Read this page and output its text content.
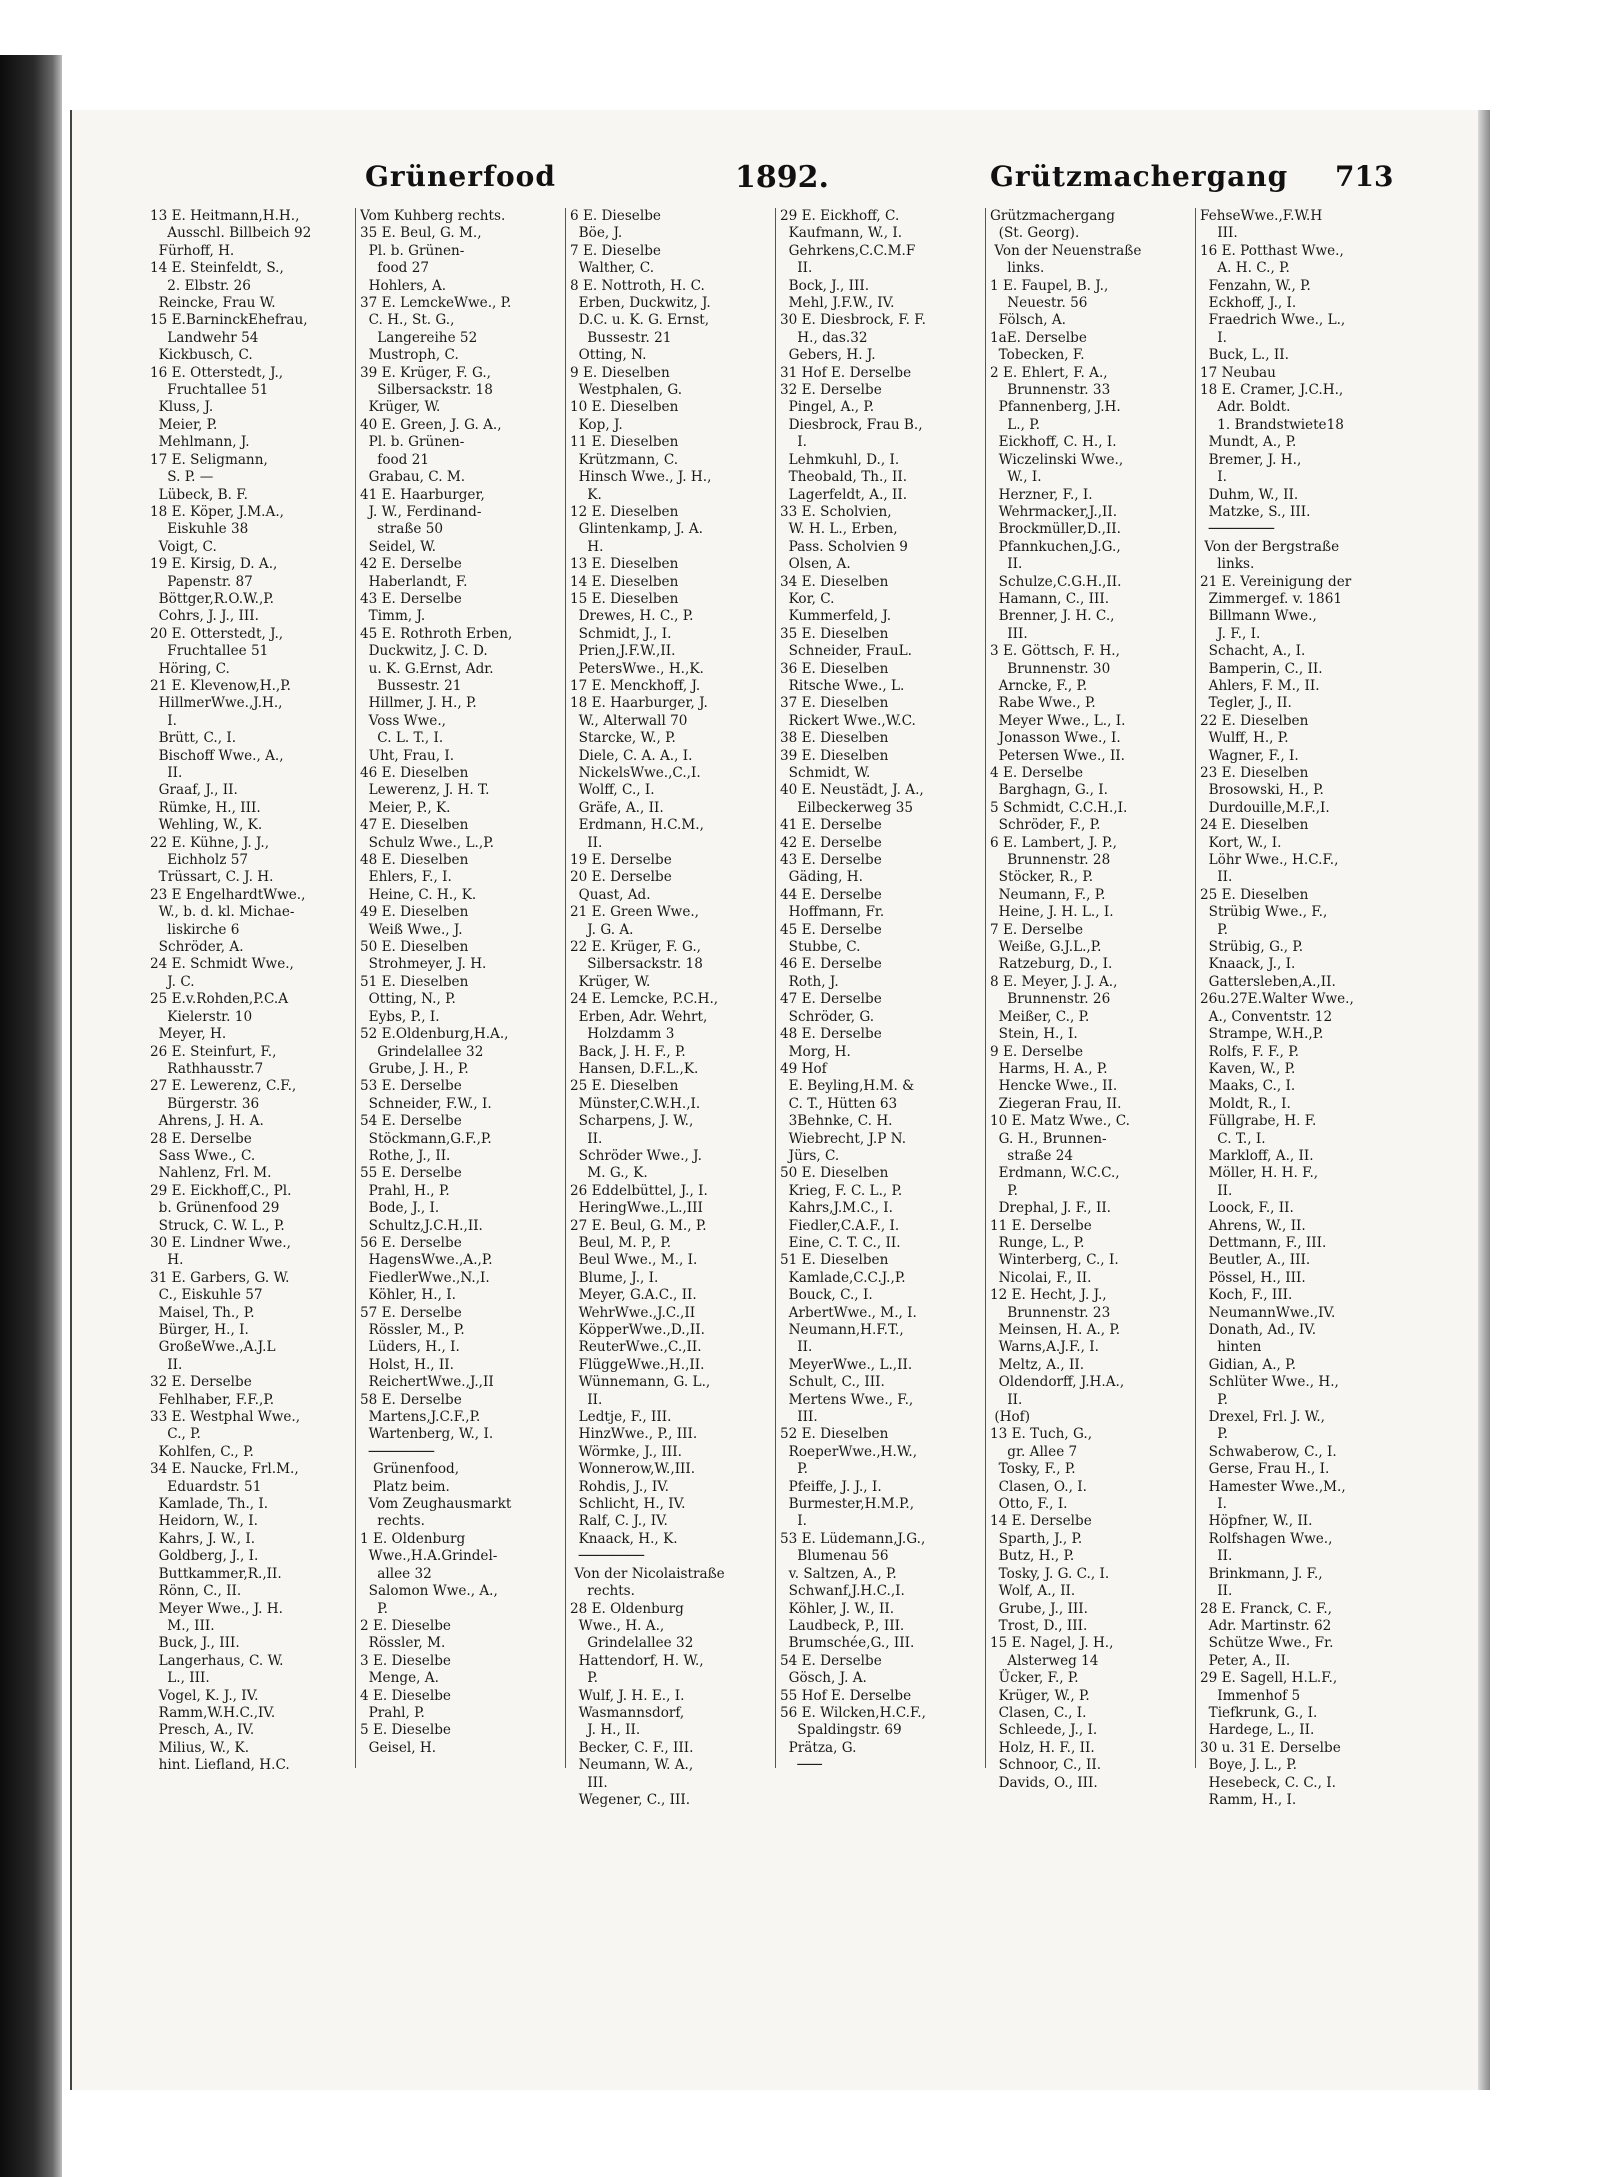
Grünerfood	1892.	Grützmachergang 713
13 E. Heitmann,H.H.,
Ausschl. Billbeich 92
Fürhoff, H.
14 E. Steinfeldt, S.,
2. Elbstr. 26
Reincke, Frau W.
15 E.BarninckEhefrau,
Landwehr 54
Kickbusch, C.
16 E. Otterstedt, J.,
Fruchtallee 51
Kluss, J.
Meier, P.
Mehlmann, J.
17 E. Seligmann,
S. P. —
Lübeck, B. F.
18 E. Köper, J.M.A.,
Eiskuhle 38
Voigt, C.
19 E. Kirsig, D. A.,
Papenstr. 87
Böttger,R.O.W.,P.
Cohrs, J. J., III.
20 E. Otterstedt, J.,
Fruchtallee 51
Höring, C.
21 E. Klevenow,H.,P.
HillmerWwe.,J.H.,
I.
Brütt, C., I.
Bischoff Wwe., A.,
II.
Graaf, J., II.
Rümke, H., III.
Wehling, W., K.
22 E. Kühne, J. J.,
Eichholz 57
Trüssart, C. J. H.
23 E EngelhardtWwe.,
W., b. d. kl. Michae-
liskirche 6
Schröder, A.
24 E. Schmidt Wwe.,
J. C.
25 E.v.Rohden,P.C.A
Kielerstr. 10
Meyer, H.
26 E. Steinfurt, F.,
Rathhausstr.7
27 E. Lewerenz, C.F.,
Bürgerstr. 36
Ahrens, J. H. A.
28 E. Derselbe
Sass Wwe., C.
Nahlenz, Frl. M.
29 E. Eickhoff,C., Pl.
b. Grünenfood 29
Struck, C. W. L., P.
30 E. Lindner Wwe.,
H.
31 E. Garbers, G. W.
C., Eiskuhle 57
Maisel, Th., P.
Bürger, H., I.
GroßeWwe.,A.J.L
II.
32 E. Derselbe
Fehlhaber, F.F.,P.
33 E. Westphal Wwe.,
C., P.
Kohlfen, C., P.
34 E. Naucke, Frl.M.,
Eduardstr. 51
Kamlade, Th., I.
Heidorn, W., I.
Kahrs, J. W., I.
Goldberg, J., I.
Buttkammer,R.,II.
Rönn, C., II.
Meyer Wwe., J. H.
M., III.
Buck, J., III.
Langerhaus, C. W.
L., III.
Vogel, K. J., IV.
Ramm,W.H.C.,IV.
Presch, A., IV.
Milius, W., K.
hint. Liefland, H.C.
Vom Kuhberg rechts.
35 E. Beul, G. M.,
Pl. b. Grünen-
food 27
Hohlers, A.
37 E. LemckeWwe., P.
C. H., St. G.,
Langereihe 52
Mustroph, C.
39 E. Krüger, F. G.,
Silbersackstr. 18
Krüger, W.
40 E. Green, J. G. A.,
Pl. b. Grünen-
food 21
Grabau, C. M.
41 E. Haarburger,
J. W., Ferdinand-
straße 50
Seidel, W.
42 E. Derselbe
Haberlandt, F.
43 E. Derselbe
Timm, J.
45 E. Rothroth Erben,
Duckwitz, J. C. D.
u. K. G.Ernst, Adr.
Bussestr. 21
Hillmer, J. H., P.
Voss Wwe.,
C. L. T., I.
Uht, Frau, I.
46 E. Dieselben
Lewerenz, J. H. T.
Meier, P., K.
47 E. Dieselben
Schulz Wwe., L.,P.
48 E. Dieselben
Ehlers, F., I.
Heine, C. H., K.
49 E. Dieselben
Weiß Wwe., J.
50 E. Dieselben
Strohmeyer, J. H.
51 E. Dieselben
Otting, N., P.
Eybs, P., I.
52 E.Oldenburg,H.A.,
Grindelallee 32
Grube, J. H., P.
53 E. Derselbe
Schneider, F.W., I.
54 E. Derselbe
Stöckmann,G.F.,P.
Rothe, J., II.
55 E. Derselbe
Prahl, H., P.
Bode, J., I.
Schultz,J.C.H.,II.
56 E. Derselbe
HagensWwe.,A.,P.
FiedlerWwe.,N.,I.
Köhler, H., I.
57 E. Derselbe
Rössler, M., P.
Lüders, H., I.
Holst, H., II.
ReichertWwe.,J.,II
58 E. Derselbe
Martens,J.C.F.,P.
Wartenberg, W., I.
────────
Grünenfood,
Platz beim.
Vom Zeughausmarkt
rechts.
1 E. Oldenburg
Wwe.,H.A.Grindel-
allee 32
Salomon Wwe., A.,
P.
2 E. Dieselbe
Rössler, M.
3 E. Dieselbe
Menge, A.
4 E. Dieselbe
Prahl, P.
5 E. Dieselbe
Geisel, H.
6 E. Dieselbe
Böe, J.
7 E. Dieselbe
Walther, C.
8 E. Nottroth, H. C.
Erben, Duckwitz, J.
D.C. u. K. G. Ernst,
Bussestr. 21
Otting, N.
9 E. Dieselben
Westphalen, G.
10 E. Dieselben
Kop, J.
11 E. Dieselben
Krützmann, C.
Hinsch Wwe., J. H.,
K.
12 E. Dieselben
Glintenkamp, J. A.
H.
13 E. Dieselben
14 E. Dieselben
15 E. Dieselben
Drewes, H. C., P.
Schmidt, J., I.
Prien,J.F.W.,II.
PetersWwe., H.,K.
17 E. Menckhoff, J.
18 E. Haarburger, J.
W., Alterwall 70
Starcke, W., P.
Diele, C. A. A., I.
NickelsWwe.,C.,I.
Wolff, C., I.
Gräfe, A., II.
Erdmann, H.C.M.,
II.
19 E. Derselbe
20 E. Derselbe
Quast, Ad.
21 E. Green Wwe.,
J. G. A.
22 E. Krüger, F. G.,
Silbersackstr. 18
Krüger, W.
24 E. Lemcke, P.C.H.,
Erben, Adr. Wehrt,
Holzdamm 3
Back, J. H. F., P.
Hansen, D.F.L.,K.
25 E. Dieselben
Münster,C.W.H.,I.
Scharpens, J. W.,
II.
Schröder Wwe., J.
M. G., K.
26 Eddelbüttel, J., I.
HeringWwe.,L.,III
27 E. Beul, G. M., P.
Beul, M. P., P.
Beul Wwe., M., I.
Blume, J., I.
Meyer, G.A.C., II.
WehrWwe.,J.C.,II
KöpperWwe.,D.,II.
ReuterWwe.,C.,II.
FlüggeWwe.,H.,II.
Wünnemann, G. L.,
II.
Ledtje, F., III.
HinzWwe., P., III.
Wörmke, J., III.
Wonnerow,W.,III.
Rohdis, J., IV.
Schlicht, H., IV.
Ralf, C. J., IV.
Knaack, H., K.
────────
Von der Nicolaistraße
rechts.
28 E. Oldenburg
Wwe., H. A.,
Grindelallee 32
Hattendorf, H. W.,
P.
Wulf, J. H. E., I.
Wasmannsdorf,
J. H., II.
Becker, C. F., III.
Neumann, W. A.,
III.
Wegener, C., III.
29 E. Eickhoff, C.
Kaufmann, W., I.
Gehrkens,C.C.M.F
II.
Bock, J., III.
Mehl, J.F.W., IV.
30 E. Diesbrock, F. F.
H., das.32
Gebers, H. J.
31 Hof E. Derselbe
32 E. Derselbe
Pingel, A., P.
Diesbrock, Frau B.,
I.
Lehmkuhl, D., I.
Theobald, Th., II.
Lagerfeldt, A., II.
33 E. Scholvien,
W. H. L., Erben,
Pass. Scholvien 9
Olsen, A.
34 E. Dieselben
Kor, C.
Kummerfeld, J.
35 E. Dieselben
Schneider, FrauL.
36 E. Dieselben
Ritsche Wwe., L.
37 E. Dieselben
Rickert Wwe.,W.C.
38 E. Dieselben
39 E. Dieselben
Schmidt, W.
40 E. Neustädt, J. A.,
Eilbeckerweg 35
41 E. Derselbe
42 E. Derselbe
43 E. Derselbe
Gäding, H.
44 E. Derselbe
Hoffmann, Fr.
45 E. Derselbe
Stubbe, C.
46 E. Derselbe
Roth, J.
47 E. Derselbe
Schröder, G.
48 E. Derselbe
Morg, H.
49 Hof
E. Beyling,H.M. &
C. T., Hütten 63
3Behnke, C. H.
Wiebrecht, J.P N.
Jürs, C.
50 E. Dieselben
Krieg, F. C. L., P.
Kahrs,J.M.C., I.
Fiedler,C.A.F., I.
Eine, C. T. C., II.
51 E. Dieselben
Kamlade,C.C.J.,P.
Bouck, C., I.
ArbertWwe., M., I.
Neumann,H.F.T.,
II.
MeyerWwe., L.,II.
Schult, C., III.
Mertens Wwe., F.,
III.
52 E. Dieselben
RoeperWwe.,H.W.,
P.
Pfeiffe, J. J., I.
Burmester,H.M.P.,
I.
53 E. Lüdemann,J.G.,
Blumenau 56
v. Saltzen, A., P.
Schwanf,J.H.C.,I.
Köhler, J. W., II.
Laudbeck, P., III.
Brumschée,G., III.
54 E. Derselbe
Gösch, J. A.
55 Hof E. Derselbe
56 E. Wilcken,H.C.F.,
Spaldingstr. 69
Prätza, G.
───
Grützmachergang
(St. Georg).
Von der Neuenstraße
links.
1 E. Faupel, B. J.,
Neuestr. 56
Fölsch, A.
1aE. Derselbe
Tobecken, F.
2 E. Ehlert, F. A.,
Brunnenstr. 33
Pfannenberg, J.H.
L., P.
Eickhoff, C. H., I.
Wiczelinski Wwe.,
W., I.
Herzner, F., I.
Wehrmacker,J.,II.
Brockmüller,D.,II.
Pfannkuchen,J.G.,
II.
Schulze,C.G.H.,II.
Hamann, C., III.
Brenner, J. H. C.,
III.
3 E. Göttsch, F. H.,
Brunnenstr. 30
Arncke, F., P.
Rabe Wwe., P.
Meyer Wwe., L., I.
Jonasson Wwe., I.
Petersen Wwe., II.
4 E. Derselbe
Barghagn, G., I.
5 Schmidt, C.C.H.,I.
Schröder, F., P.
6 E. Lambert, J. P.,
Brunnenstr. 28
Stöcker, R., P.
Neumann, F., P.
Heine, J. H. L., I.
7 E. Derselbe
Weiße, G.J.L.,P.
Ratzeburg, D., I.
8 E. Meyer, J. J. A.,
Brunnenstr. 26
Meißer, C., P.
Stein, H., I.
9 E. Derselbe
Harms, H. A., P.
Hencke Wwe., II.
Ziegeran Frau, II.
10 E. Matz Wwe., C.
G. H., Brunnen-
straße 24
Erdmann, W.C.C.,
P.
Drephal, J. F., II.
11 E. Derselbe
Runge, L., P.
Winterberg, C., I.
Nicolai, F., II.
12 E. Hecht, J. J.,
Brunnenstr. 23
Meinsen, H. A., P.
Warns,A.J.F., I.
Meltz, A., II.
Oldendorff, J.H.A.,
II.
(Hof)
13 E. Tuch, G.,
gr. Allee 7
Tosky, F., P.
Clasen, O., I.
Otto, F., I.
14 E. Derselbe
Sparth, J., P.
Butz, H., P.
Tosky, J. G. C., I.
Wolf, A., II.
Grube, J., III.
Trost, D., III.
15 E. Nagel, J. H.,
Alsterweg 14
Ücker, F., P.
Krüger, W., P.
Clasen, C., I.
Schleede, J., I.
Holz, H. F., II.
Schnoor, C., II.
Davids, O., III.
FehseWwe.,F.W.H
III.
16 E. Potthast Wwe.,
A. H. C., P.
Fenzahn, W., P.
Eckhoff, J., I.
Fraedrich Wwe., L.,
I.
Buck, L., II.
17 Neubau
18 E. Cramer, J.C.H.,
Adr. Boldt.
1. Brandstwiete18
Mundt, A., P.
Bremer, J. H.,
I.
Duhm, W., II.
Matzke, S., III.
────────
Von der Bergstraße
links.
21 E. Vereinigung der
Zimmergef. v. 1861
Billmann Wwe.,
J. F., I.
Schacht, A., I.
Bamperin, C., II.
Ahlers, F. M., II.
Tegler, J., II.
22 E. Dieselben
Wulff, H., P.
Wagner, F., I.
23 E. Dieselben
Brosowski, H., P.
Durdouille,M.F.,I.
24 E. Dieselben
Kort, W., I.
Löhr Wwe., H.C.F.,
II.
25 E. Dieselben
Strübig Wwe., F.,
P.
Strübig, G., P.
Knaack, J., I.
Gattersleben,A.,II.
26u.27E.Walter Wwe.,
A., Conventstr. 12
Strampe, W.H.,P.
Rolfs, F. F., P.
Kaven, W., P.
Maaks, C., I.
Moldt, R., I.
Füllgrabe, H. F.
C. T., I.
Markloff, A., II.
Möller, H. H. F.,
II.
Loock, F., II.
Ahrens, W., II.
Dettmann, F., III.
Beutler, A., III.
Pössel, H., III.
Koch, F., III.
NeumannWwe.,IV.
Donath, Ad., IV.
hinten
Gidian, A., P.
Schlüter Wwe., H.,
P.
Drexel, Frl. J. W.,
P.
Schwaberow, C., I.
Gerse, Frau H., I.
Hamester Wwe.,M.,
I.
Höpfner, W., II.
Rolfshagen Wwe.,
II.
Brinkmann, J. F.,
II.
28 E. Franck, C. F.,
Adr. Martinstr. 62
Schütze Wwe., Fr.
Peter, A., II.
29 E. Sagell, H.L.F.,
Immenhof 5
Tiefkrunk, G., I.
Hardege, L., II.
30 u. 31 E. Derselbe
Boye, J. L., P.
Hesebeck, C. C., I.
Ramm, H., I.
